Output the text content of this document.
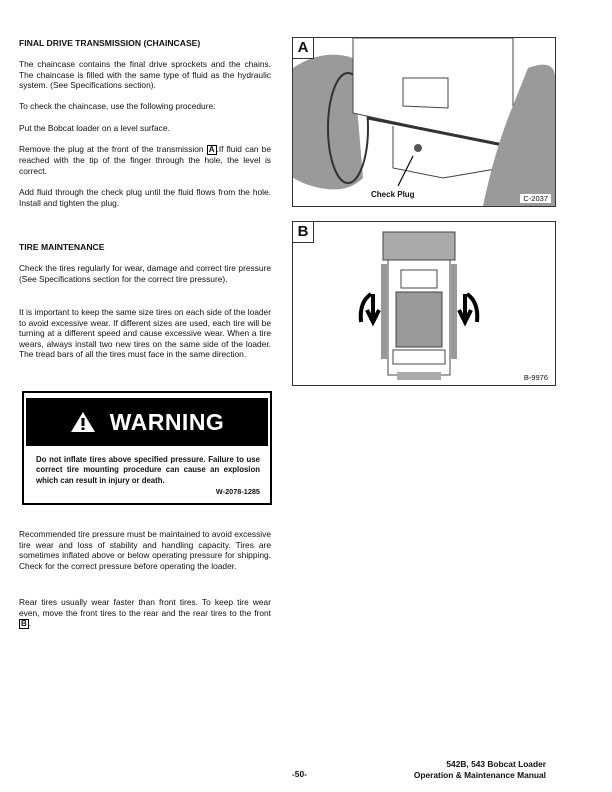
FINAL DRIVE TRANSMISSION (CHAINCASE)

The chaincase contains the final drive sprockets and the chains. The chaincase is filled with the same type of fluid as the hydraulic system. (See Specifications section).

To check the chaincase, use the following procedure:

Put the Bobcat loader on a level surface.

Remove the plug at the front of the transmission A .If fluid can be reached with the tip of the finger through the hole, the level is correct.

Add fluid through the check plug until the fluid flows from the hole. Install and tighten the plug.

TIRE MAINTENANCE

Check the tires regularly for wear, damage and correct tire pressure (See Specifications section for the correct tire pressure).

It is important to keep the same size tires on each side of the loader to avoid excessive wear. If different sizes are used, each tire will be turning at a different speed and cause excessive wear. When a tire wears, always install two new tires on the same side of the loader. The tread bars of all the tires must face in the same direction.

WARNING
Do not inflate tires above specified pressure. Failure to use correct tire mounting procedure can cause an explosion which can result in injury or death.
W-2078-1285

Recommended tire pressure must be maintained to avoid excessive tire wear and loss of stability and handling capacity. Tires are sometimes inflated above or below operating pressure for shipping. Check for the correct pressure before operating the loader.

Rear tires usually wear faster than front tires. To keep tire wear even, move the front tires to the rear and the rear tires to the front B .

A
Check Plug	C-2037
B
B-9976
-50-
542B, 543 Bobcat Loader
Operation & Maintenance Manual
